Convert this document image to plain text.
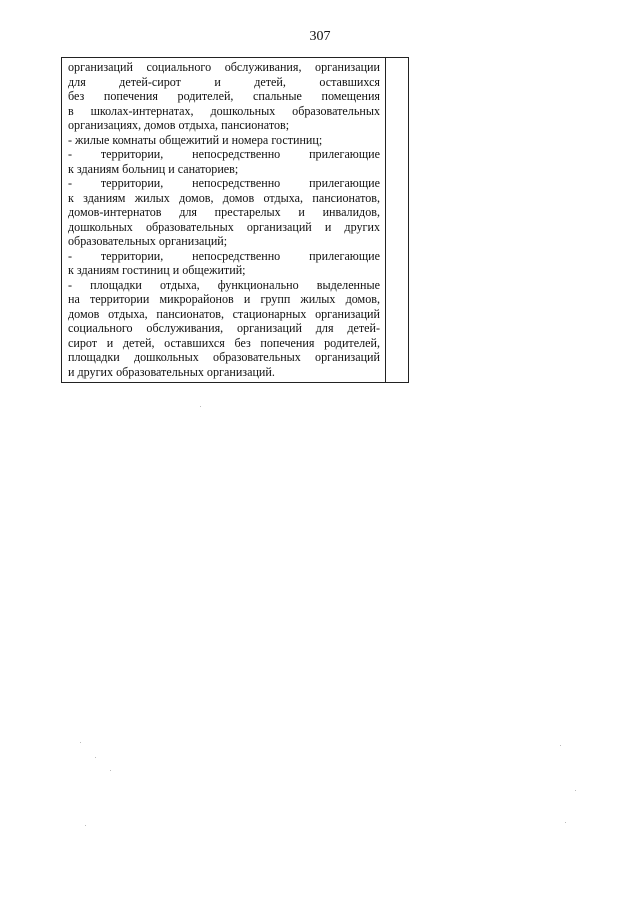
307
организаций социального обслуживания, организации
для детей-сирот и детей, оставшихся
без попечения родителей, спальные помещения
в школах-интернатах, дошкольных образовательных
организациях, домов отдыха, пансионатов;
- жилые комнаты общежитий и номера гостиниц;
- территории, непосредственно прилегающие
к зданиям больниц и санаториев;
- территории, непосредственно прилегающие
к зданиям жилых домов, домов отдыха, пансионатов,
домов-интернатов для престарелых и инвалидов,
дошкольных образовательных организаций и других
образовательных организаций;
- территории, непосредственно прилегающие
к зданиям гостиниц и общежитий;
- площадки отдыха, функционально выделенные
на территории микрорайонов и групп жилых домов,
домов отдыха, пансионатов, стационарных организаций
социального обслуживания, организаций для детей-
сирот и детей, оставшихся без попечения родителей,
площадки дошкольных образовательных организаций
и других образовательных организаций.
